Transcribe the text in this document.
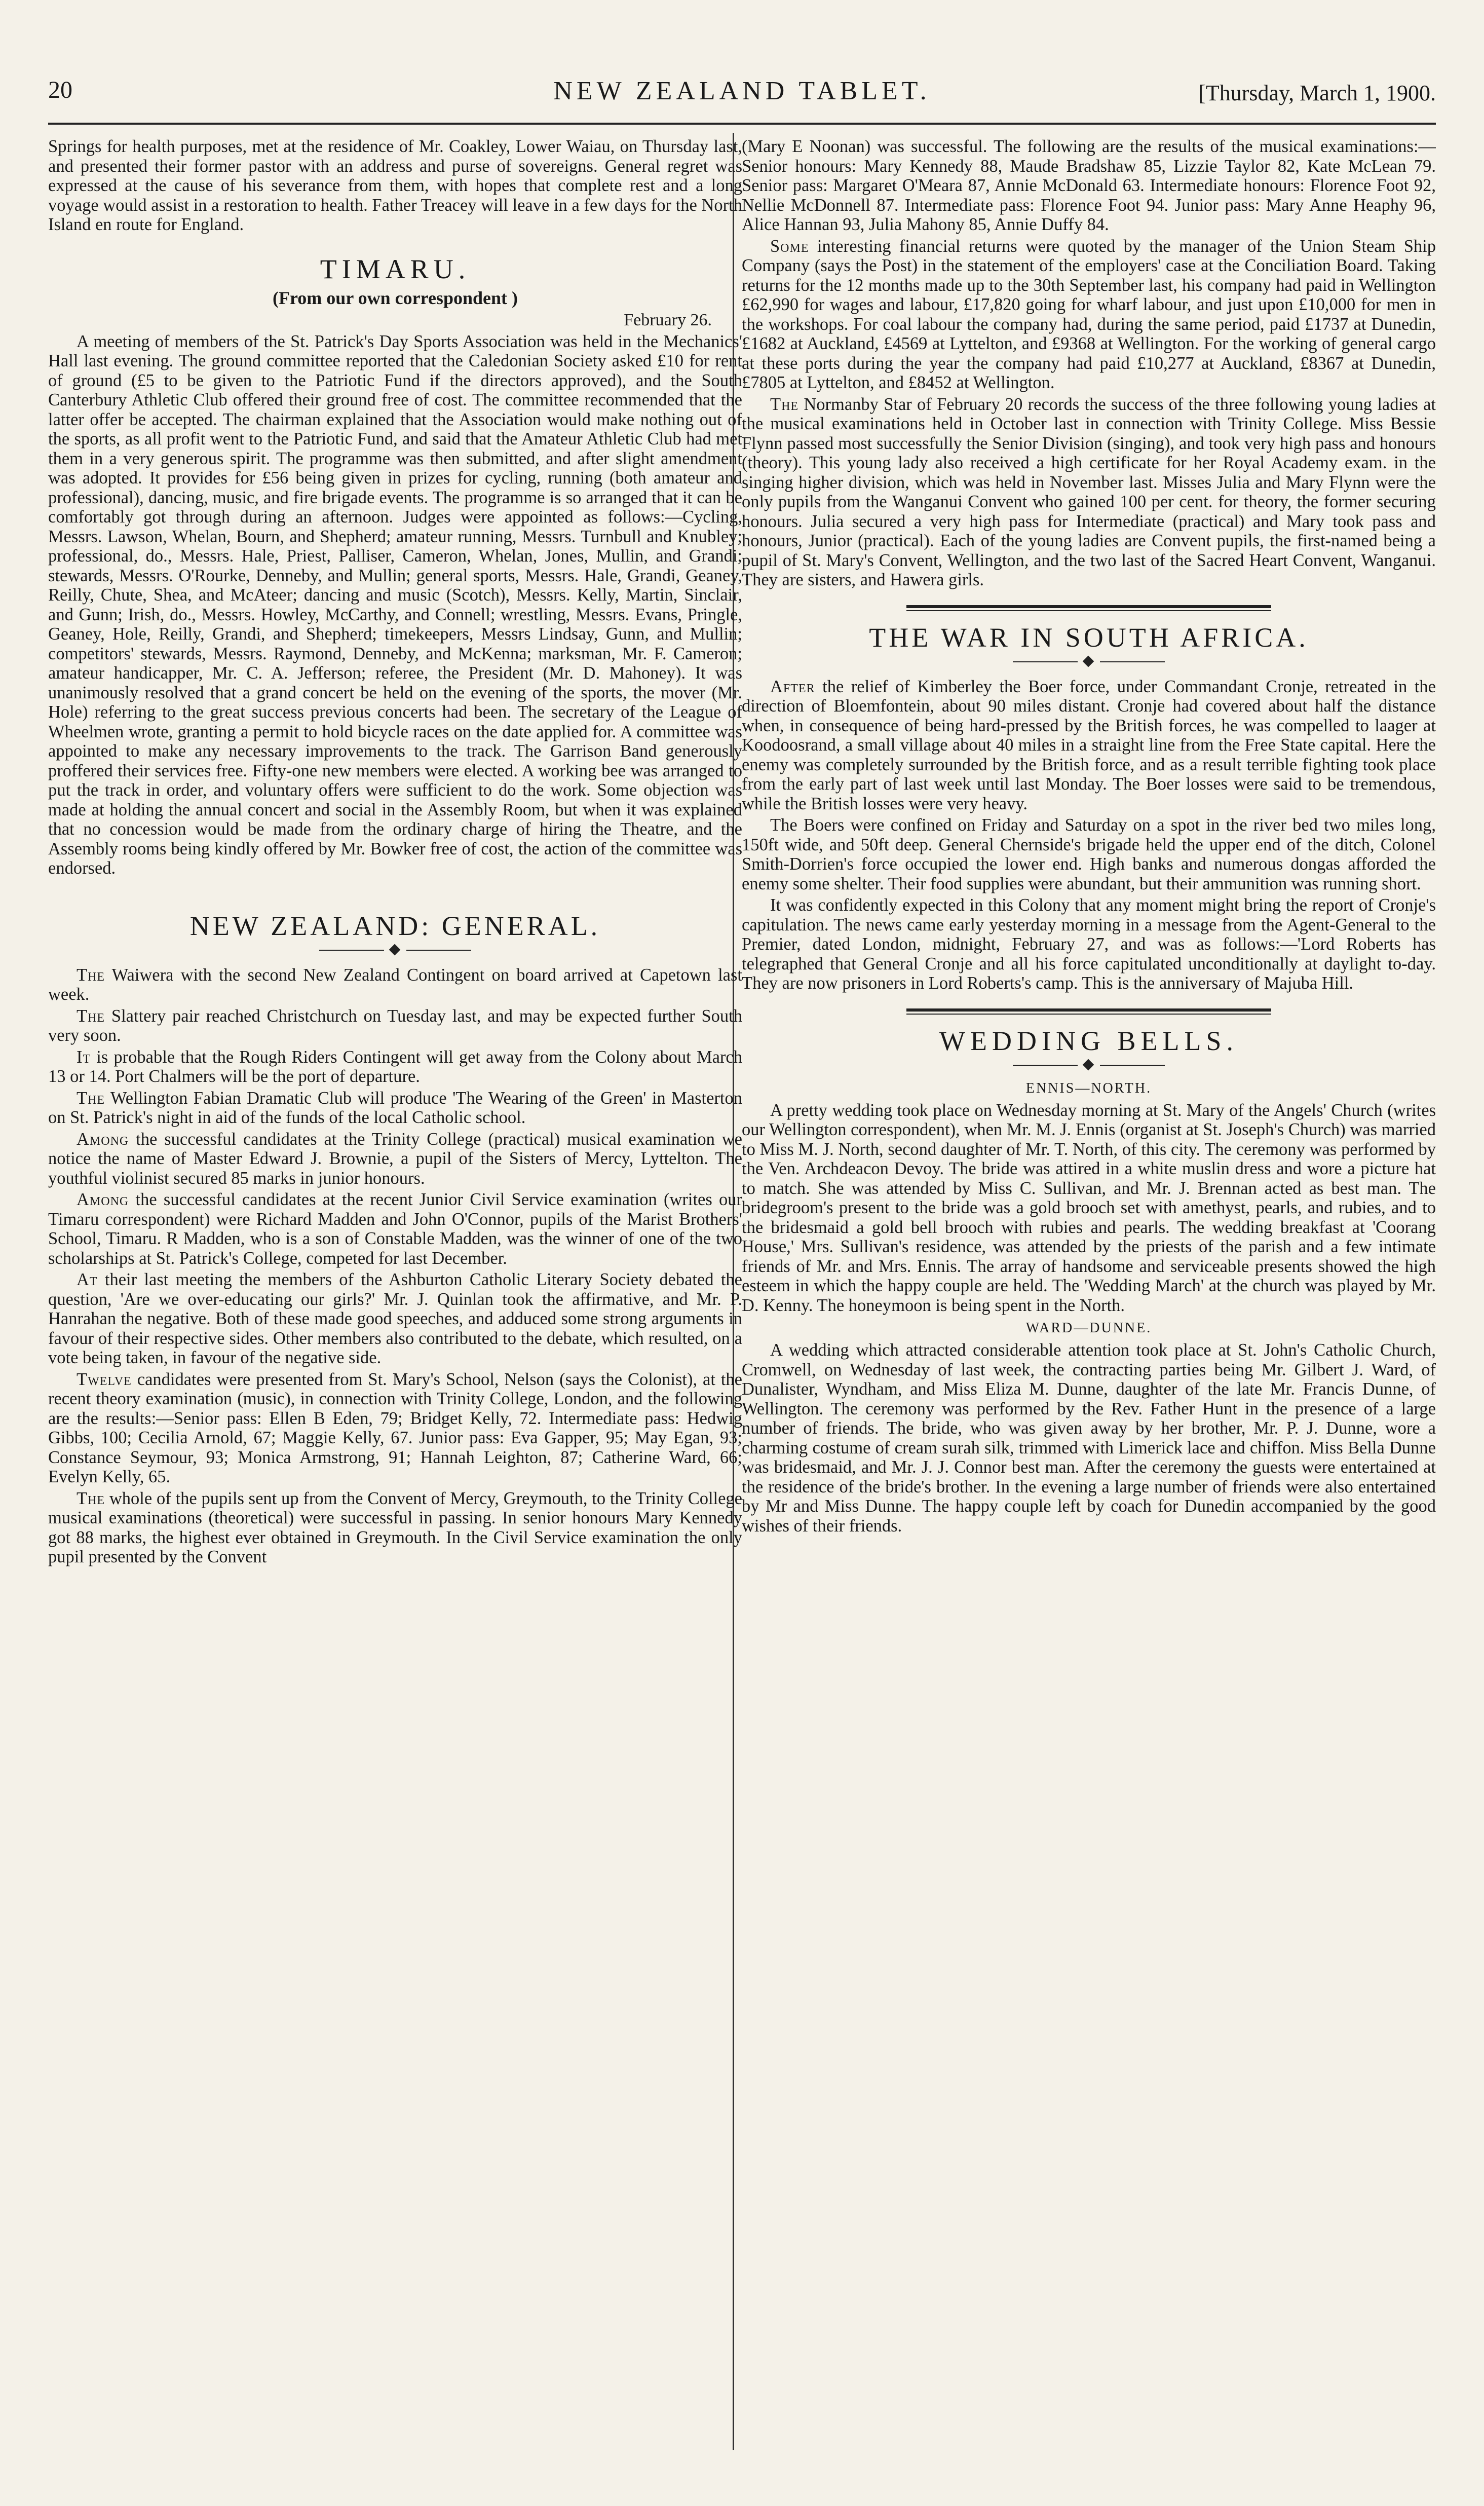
20	NEW ZEALAND TABLET.	[Thursday, March 1, 1900.

Springs for health purposes, met at the residence of Mr. Coakley, Lower Waiau, on Thursday last, and presented their former pastor with an address and purse of sovereigns. General regret was expressed at the cause of his severance from them, with hopes that complete rest and a long voyage would assist in a restoration to health. Father Treacey will leave in a few days for the North Island en route for England.

TIMARU.
(From our own correspondent )
February 26.

A meeting of members of the St. Patrick's Day Sports Association was held in the Mechanics' Hall last evening. The ground committee reported that the Caledonian Society asked £10 for rent of ground (£5 to be given to the Patriotic Fund if the directors approved), and the South Canterbury Athletic Club offered their ground free of cost. The committee recommended that the latter offer be accepted. The chairman explained that the Association would make nothing out of the sports, as all profit went to the Patriotic Fund, and said that the Amateur Athletic Club had met them in a very generous spirit. The programme was then submitted, and after slight amendment was adopted. It provides for £56 being given in prizes for cycling, running (both amateur and professional), dancing, music, and fire brigade events. The programme is so arranged that it can be comfortably got through during an afternoon. Judges were appointed as follows:—Cycling, Messrs. Lawson, Whelan, Bourn, and Shepherd; amateur running, Messrs. Turnbull and Knubley; professional, do., Messrs. Hale, Priest, Palliser, Cameron, Whelan, Jones, Mullin, and Grandi; stewards, Messrs. O'Rourke, Denneby, and Mullin; general sports, Messrs. Hale, Grandi, Geaney, Reilly, Chute, Shea, and McAteer; dancing and music (Scotch), Messrs. Kelly, Martin, Sinclair, and Gunn; Irish, do., Messrs. Howley, McCarthy, and Connell; wrestling, Messrs. Evans, Pringle, Geaney, Hole, Reilly, Grandi, and Shepherd; timekeepers, Messrs Lindsay, Gunn, and Mullin; competitors' stewards, Messrs. Raymond, Denneby, and McKenna; marksman, Mr. F. Cameron; amateur handicapper, Mr. C. A. Jefferson; referee, the President (Mr. D. Mahoney). It was unanimously resolved that a grand concert be held on the evening of the sports, the mover (Mr. Hole) referring to the great success previous concerts had been. The secretary of the League of Wheelmen wrote, granting a permit to hold bicycle races on the date applied for. A committee was appointed to make any necessary improvements to the track. The Garrison Band generously proffered their services free. Fifty-one new members were elected. A working bee was arranged to put the track in order, and voluntary offers were sufficient to do the work. Some objection was made at holding the annual concert and social in the Assembly Room, but when it was explained that no concession would be made from the ordinary charge of hiring the Theatre, and the Assembly rooms being kindly offered by Mr. Bowker free of cost, the action of the committee was endorsed.

NEW ZEALAND: GENERAL.

The Waiwera with the second New Zealand Contingent on board arrived at Capetown last week.

The Slattery pair reached Christchurch on Tuesday last, and may be expected further South very soon.

It is probable that the Rough Riders Contingent will get away from the Colony about March 13 or 14. Port Chalmers will be the port of departure.

The Wellington Fabian Dramatic Club will produce 'The Wearing of the Green' in Masterton on St. Patrick's night in aid of the funds of the local Catholic school.

Among the successful candidates at the Trinity College (practical) musical examination we notice the name of Master Edward J. Brownie, a pupil of the Sisters of Mercy, Lyttelton. The youthful violinist secured 85 marks in junior honours.

Among the successful candidates at the recent Junior Civil Service examination (writes our Timaru correspondent) were Richard Madden and John O'Connor, pupils of the Marist Brothers' School, Timaru. R Madden, who is a son of Constable Madden, was the winner of one of the two scholarships at St. Patrick's College, competed for last December.

At their last meeting the members of the Ashburton Catholic Literary Society debated the question, 'Are we over-educating our girls?' Mr. J. Quinlan took the affirmative, and Mr. P. Hanrahan the negative. Both of these made good speeches, and adduced some strong arguments in favour of their respective sides. Other members also contributed to the debate, which resulted, on a vote being taken, in favour of the negative side.

Twelve candidates were presented from St. Mary's School, Nelson (says the Colonist), at the recent theory examination (music), in connection with Trinity College, London, and the following are the results:—Senior pass: Ellen B Eden, 79; Bridget Kelly, 72. Intermediate pass: Hedwig Gibbs, 100; Cecilia Arnold, 67; Maggie Kelly, 67. Junior pass: Eva Gapper, 95; May Egan, 93; Constance Seymour, 93; Monica Armstrong, 91; Hannah Leighton, 87; Catherine Ward, 66; Evelyn Kelly, 65.

The whole of the pupils sent up from the Convent of Mercy, Greymouth, to the Trinity College musical examinations (theoretical) were successful in passing. In senior honours Mary Kennedy got 88 marks, the highest ever obtained in Greymouth. In the Civil Service examination the only pupil presented by the Convent

(Mary E Noonan) was successful. The following are the results of the musical examinations:—Senior honours: Mary Kennedy 88, Maude Bradshaw 85, Lizzie Taylor 82, Kate McLean 79. Senior pass: Margaret O'Meara 87, Annie McDonald 63. Intermediate honours: Florence Foot 92, Nellie McDonnell 87. Intermediate pass: Florence Foot 94. Junior pass: Mary Anne Heaphy 96, Alice Hannan 93, Julia Mahony 85, Annie Duffy 84.

Some interesting financial returns were quoted by the manager of the Union Steam Ship Company (says the Post) in the statement of the employers' case at the Conciliation Board. Taking returns for the 12 months made up to the 30th September last, his company had paid in Wellington £62,990 for wages and labour, £17,820 going for wharf labour, and just upon £10,000 for men in the workshops. For coal labour the company had, during the same period, paid £1737 at Dunedin, £1682 at Auckland, £4569 at Lyttelton, and £9368 at Wellington. For the working of general cargo at these ports during the year the company had paid £10,277 at Auckland, £8367 at Dunedin, £7805 at Lyttelton, and £8452 at Wellington.

The Normanby Star of February 20 records the success of the three following young ladies at the musical examinations held in October last in connection with Trinity College. Miss Bessie Flynn passed most successfully the Senior Division (singing), and took very high pass and honours (theory). This young lady also received a high certificate for her Royal Academy exam. in the singing higher division, which was held in November last. Misses Julia and Mary Flynn were the only pupils from the Wanganui Convent who gained 100 per cent. for theory, the former securing honours. Julia secured a very high pass for Intermediate (practical) and Mary took pass and honours, Junior (practical). Each of the young ladies are Convent pupils, the first-named being a pupil of St. Mary's Convent, Wellington, and the two last of the Sacred Heart Convent, Wanganui. They are sisters, and Hawera girls.

THE WAR IN SOUTH AFRICA.

After the relief of Kimberley the Boer force, under Commandant Cronje, retreated in the direction of Bloemfontein, about 90 miles distant. Cronje had covered about half the distance when, in consequence of being hard-pressed by the British forces, he was compelled to laager at Koodoosrand, a small village about 40 miles in a straight line from the Free State capital. Here the enemy was completely surrounded by the British force, and as a result terrible fighting took place from the early part of last week until last Monday. The Boer losses were said to be tremendous, while the British losses were very heavy.

The Boers were confined on Friday and Saturday on a spot in the river bed two miles long, 150ft wide, and 50ft deep. General Chernside's brigade held the upper end of the ditch, Colonel Smith-Dorrien's force occupied the lower end. High banks and numerous dongas afforded the enemy some shelter. Their food supplies were abundant, but their ammunition was running short.

It was confidently expected in this Colony that any moment might bring the report of Cronje's capitulation. The news came early yesterday morning in a message from the Agent-General to the Premier, dated London, midnight, February 27, and was as follows:—'Lord Roberts has telegraphed that General Cronje and all his force capitulated unconditionally at daylight to-day. They are now prisoners in Lord Roberts's camp. This is the anniversary of Majuba Hill.

WEDDING BELLS.
ENNIS—NORTH.

A pretty wedding took place on Wednesday morning at St. Mary of the Angels' Church (writes our Wellington correspondent), when Mr. M. J. Ennis (organist at St. Joseph's Church) was married to Miss M. J. North, second daughter of Mr. T. North, of this city. The ceremony was performed by the Ven. Archdeacon Devoy. The bride was attired in a white muslin dress and wore a picture hat to match. She was attended by Miss C. Sullivan, and Mr. J. Brennan acted as best man. The bridegroom's present to the bride was a gold brooch set with amethyst, pearls, and rubies, and to the bridesmaid a gold bell brooch with rubies and pearls. The wedding breakfast at 'Coorang House,' Mrs. Sullivan's residence, was attended by the priests of the parish and a few intimate friends of Mr. and Mrs. Ennis. The array of handsome and serviceable presents showed the high esteem in which the happy couple are held. The 'Wedding March' at the church was played by Mr. D. Kenny. The honeymoon is being spent in the North.

WARD—DUNNE.

A wedding which attracted considerable attention took place at St. John's Catholic Church, Cromwell, on Wednesday of last week, the contracting parties being Mr. Gilbert J. Ward, of Dunalister, Wyndham, and Miss Eliza M. Dunne, daughter of the late Mr. Francis Dunne, of Wellington. The ceremony was performed by the Rev. Father Hunt in the presence of a large number of friends. The bride, who was given away by her brother, Mr. P. J. Dunne, wore a charming costume of cream surah silk, trimmed with Limerick lace and chiffon. Miss Bella Dunne was bridesmaid, and Mr. J. J. Connor best man. After the ceremony the guests were entertained at the residence of the bride's brother. In the evening a large number of friends were also entertained by Mr and Miss Dunne. The happy couple left by coach for Dunedin accompanied by the good wishes of their friends.
